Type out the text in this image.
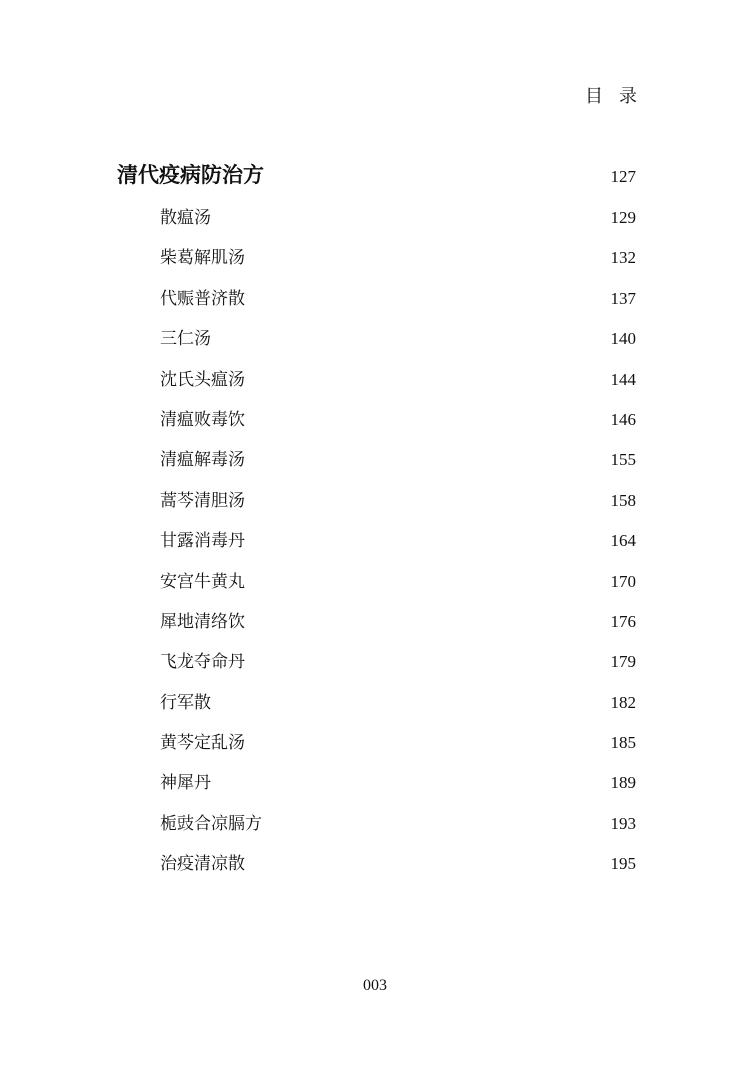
目录
清代疫病防治方	127
散瘟汤	129
柴葛解肌汤	132
代赈普济散	137
三仁汤	140
沈氏头瘟汤	144
清瘟败毒饮	146
清瘟解毒汤	155
蒿芩清胆汤	158
甘露消毒丹	164
安宫牛黄丸	170
犀地清络饮	176
飞龙夺命丹	179
行军散	182
黄芩定乱汤	185
神犀丹	189
栀豉合凉膈方	193
治疫清凉散	195
003
